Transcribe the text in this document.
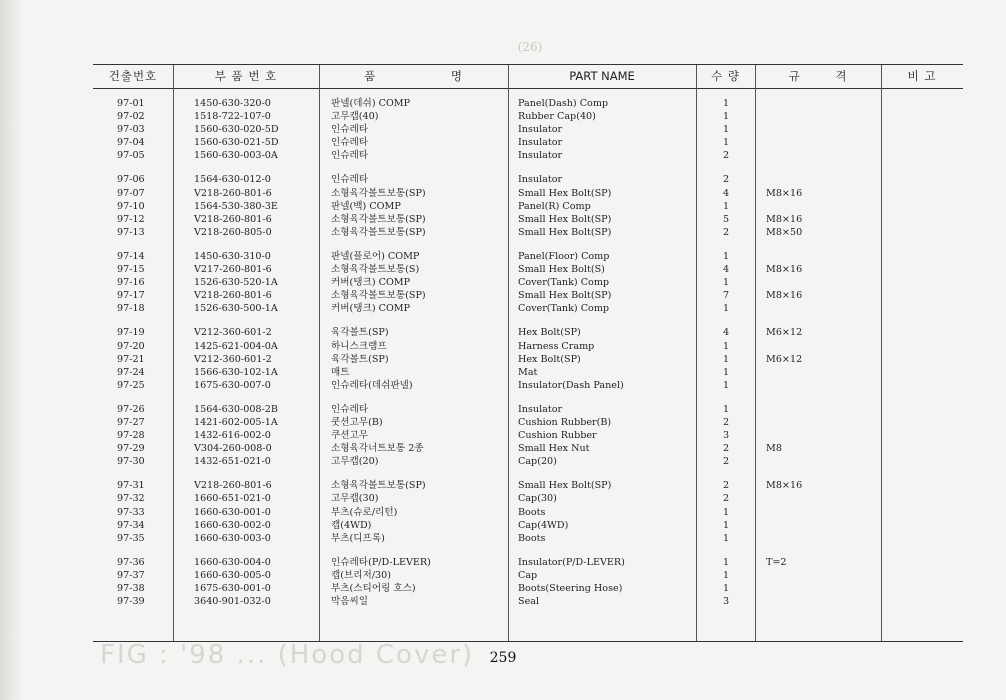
(26)
건출번호	부 품 번 호	품 명	PART NAME	수 량	규 격	비 고
97-01	1450-630-320-0	판넬(데쉬) COMP	Panel(Dash) Comp	1
97-02	1518-722-107-0	고무캡(40)	Rubber Cap(40)	1
97-03	1560-630-020-5D	인슈레타	Insulator	1
97-04	1560-630-021-5D	인슈레타	Insulator	1
97-05	1560-630-003-0A	인슈레타	Insulator	2
97-06	1564-630-012-0	인슈레타	Insulator	2
97-07	V218-260-801-6	소형육각볼트보통(SP)	Small Hex Bolt(SP)	4	M8×16
97-10	1564-530-380-3E	판넬(백) COMP	Panel(R) Comp	1
97-12	V218-260-801-6	소형육각볼트보통(SP)	Small Hex Bolt(SP)	5	M8×16
97-13	V218-260-805-0	소형육각볼트보통(SP)	Small Hex Bolt(SP)	2	M8×50
97-14	1450-630-310-0	판넬(플로어) COMP	Panel(Floor) Comp	1
97-15	V217-260-801-6	소형육각볼트보통(S)	Small Hex Bolt(S)	4	M8×16
97-16	1526-630-520-1A	커버(탱크) COMP	Cover(Tank) Comp	1
97-17	V218-260-801-6	소형육각볼트보통(SP)	Small Hex Bolt(SP)	7	M8×16
97-18	1526-630-500-1A	커버(탱크) COMP	Cover(Tank) Comp	1
97-19	V212-360-601-2	육각볼트(SP)	Hex Bolt(SP)	4	M6×12
97-20	1425-621-004-0A	하니스크램프	Harness Cramp	1
97-21	V212-360-601-2	육각볼트(SP)	Hex Bolt(SP)	1	M6×12
97-24	1566-630-102-1A	매트	Mat	1
97-25	1675-630-007-0	인슈레타(데쉬판넬)	Insulator(Dash Panel)	1
97-26	1564-630-008-2B	인슈레타	Insulator	1
97-27	1421-602-005-1A	쿳션고무(B)	Cushion Rubber(B)	2
97-28	1432-616-002-0	쿠션고무	Cushion Rubber	3
97-29	V304-260-008-0	소형육각너트보통 2종	Small Hex Nut	2	M8
97-30	1432-651-021-0	고무캡(20)	Cap(20)	2
97-31	V218-260-801-6	소형육각볼트보통(SP)	Small Hex Bolt(SP)	2	M8×16
97-32	1660-651-021-0	고무캡(30)	Cap(30)	2
97-33	1660-630-001-0	부츠(슈로/리턴)	Boots	1
97-34	1660-630-002-0	캡(4WD)	Cap(4WD)	1
97-35	1660-630-003-0	부츠(디프록)	Boots	1
97-36	1660-630-004-0	인슈레타(P/D-LEVER)	Insulator(P/D-LEVER)	1	T=2
97-37	1660-630-005-0	캡(브리저/30)	Cap	1
97-38	1675-630-001-0	부츠(스티어링 호스)	Boots(Steering Hose)	1
97-39	3640-901-032-0	막음씨일	Seal	3
FIG : '98 ... (Hood Cover)	259
